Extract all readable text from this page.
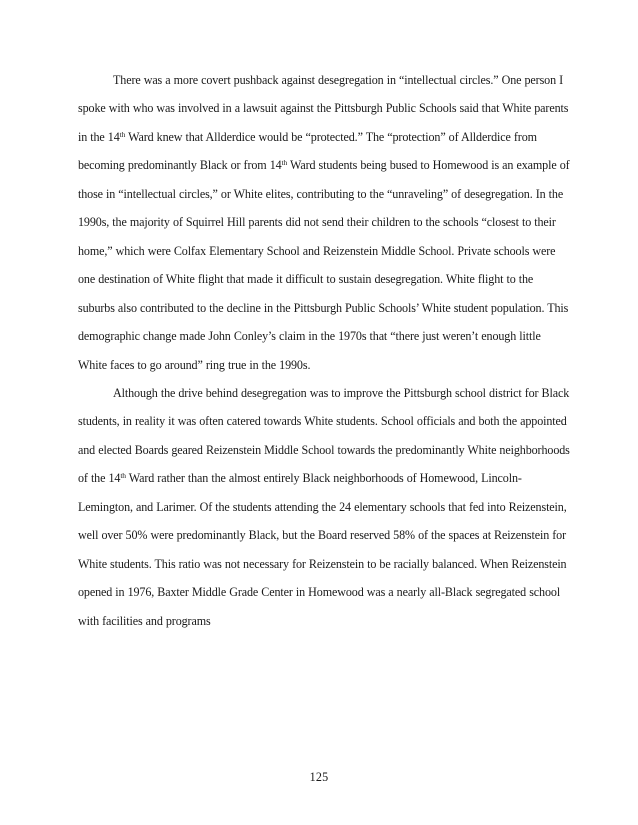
There was a more covert pushback against desegregation in “intellectual circles.” One person I spoke with who was involved in a lawsuit against the Pittsburgh Public Schools said that White parents in the 14th Ward knew that Allderdice would be “protected.” The “protection” of Allderdice from becoming predominantly Black or from 14th Ward students being bused to Homewood is an example of those in “intellectual circles,” or White elites, contributing to the “unraveling” of desegregation. In the 1990s, the majority of Squirrel Hill parents did not send their children to the schools “closest to their home,” which were Colfax Elementary School and Reizenstein Middle School. Private schools were one destination of White flight that made it difficult to sustain desegregation. White flight to the suburbs also contributed to the decline in the Pittsburgh Public Schools’ White student population. This demographic change made John Conley’s claim in the 1970s that “there just weren’t enough little White faces to go around” ring true in the 1990s.

Although the drive behind desegregation was to improve the Pittsburgh school district for Black students, in reality it was often catered towards White students. School officials and both the appointed and elected Boards geared Reizenstein Middle School towards the predominantly White neighborhoods of the 14th Ward rather than the almost entirely Black neighborhoods of Homewood, Lincoln-Lemington, and Larimer. Of the students attending the 24 elementary schools that fed into Reizenstein, well over 50% were predominantly Black, but the Board reserved 58% of the spaces at Reizenstein for White students. This ratio was not necessary for Reizenstein to be racially balanced. When Reizenstein opened in 1976, Baxter Middle Grade Center in Homewood was a nearly all-Black segregated school with facilities and programs

125
